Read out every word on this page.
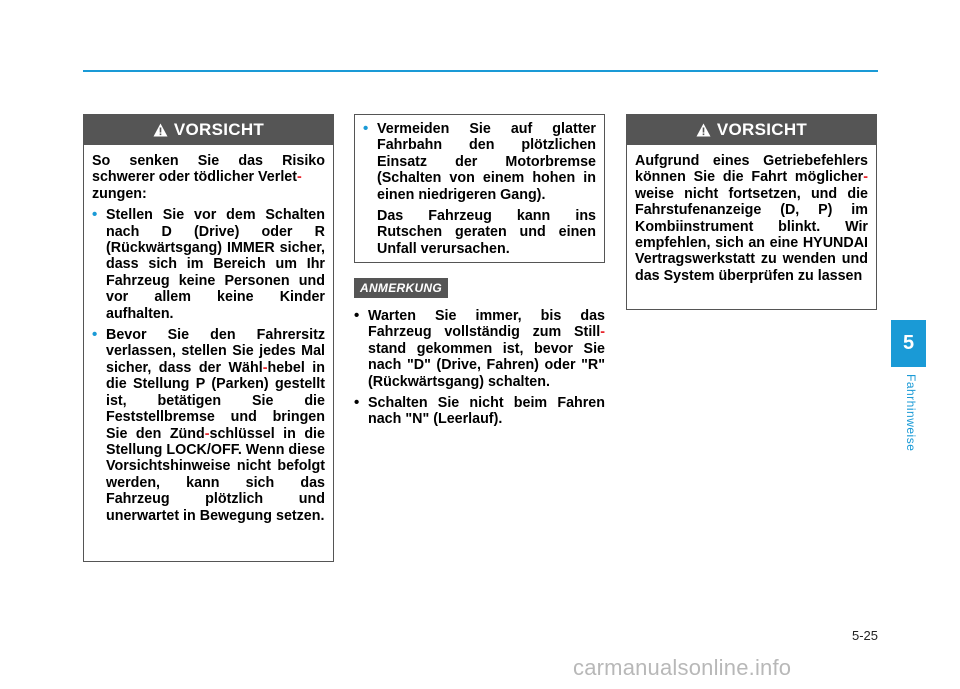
VORSICHT

So senken Sie das Risiko schwerer oder tödlicher Verlet-
zungen:

• Stellen Sie vor dem Schalten nach D (Drive) oder R (Rückwärtsgang) IMMER sicher, dass sich im Bereich um Ihr Fahrzeug keine Personen und vor allem keine Kinder aufhalten.
• Bevor Sie den Fahrersitz verlassen, stellen Sie jedes Mal sicher, dass der Wähl-hebel in die Stellung P (Parken) gestellt ist, betätigen Sie die Feststellbremse und bringen Sie den Zünd-schlüssel in die Stellung LOCK/OFF. Wenn diese Vorsichtshinweise nicht befolgt werden, kann sich das Fahrzeug plötzlich und unerwartet in Bewegung setzen.
• Vermeiden Sie auf glatter Fahrbahn den plötzlichen Einsatz der Motorbremse (Schalten von einem hohen in einen niedrigeren Gang).
Das Fahrzeug kann ins Rutschen geraten und einen Unfall verursachen.
ANMERKUNG
• Warten Sie immer, bis das Fahrzeug vollständig zum Still-stand gekommen ist, bevor Sie nach "D" (Drive, Fahren) oder "R" (Rückwärtsgang) schalten.
• Schalten Sie nicht beim Fahren nach "N" (Leerlauf).
VORSICHT

Aufgrund eines Getriebefehlers können Sie die Fahrt möglicher-weise nicht fortsetzen, und die Fahrstufenanzeige (D, P) im Kombiinstrument blinkt. Wir empfehlen, sich an eine HYUNDAI Vertragswerkstatt zu wenden und das System überprüfen zu lassen

5
Fahrhinweise
5-25
carmanualsonline.info
